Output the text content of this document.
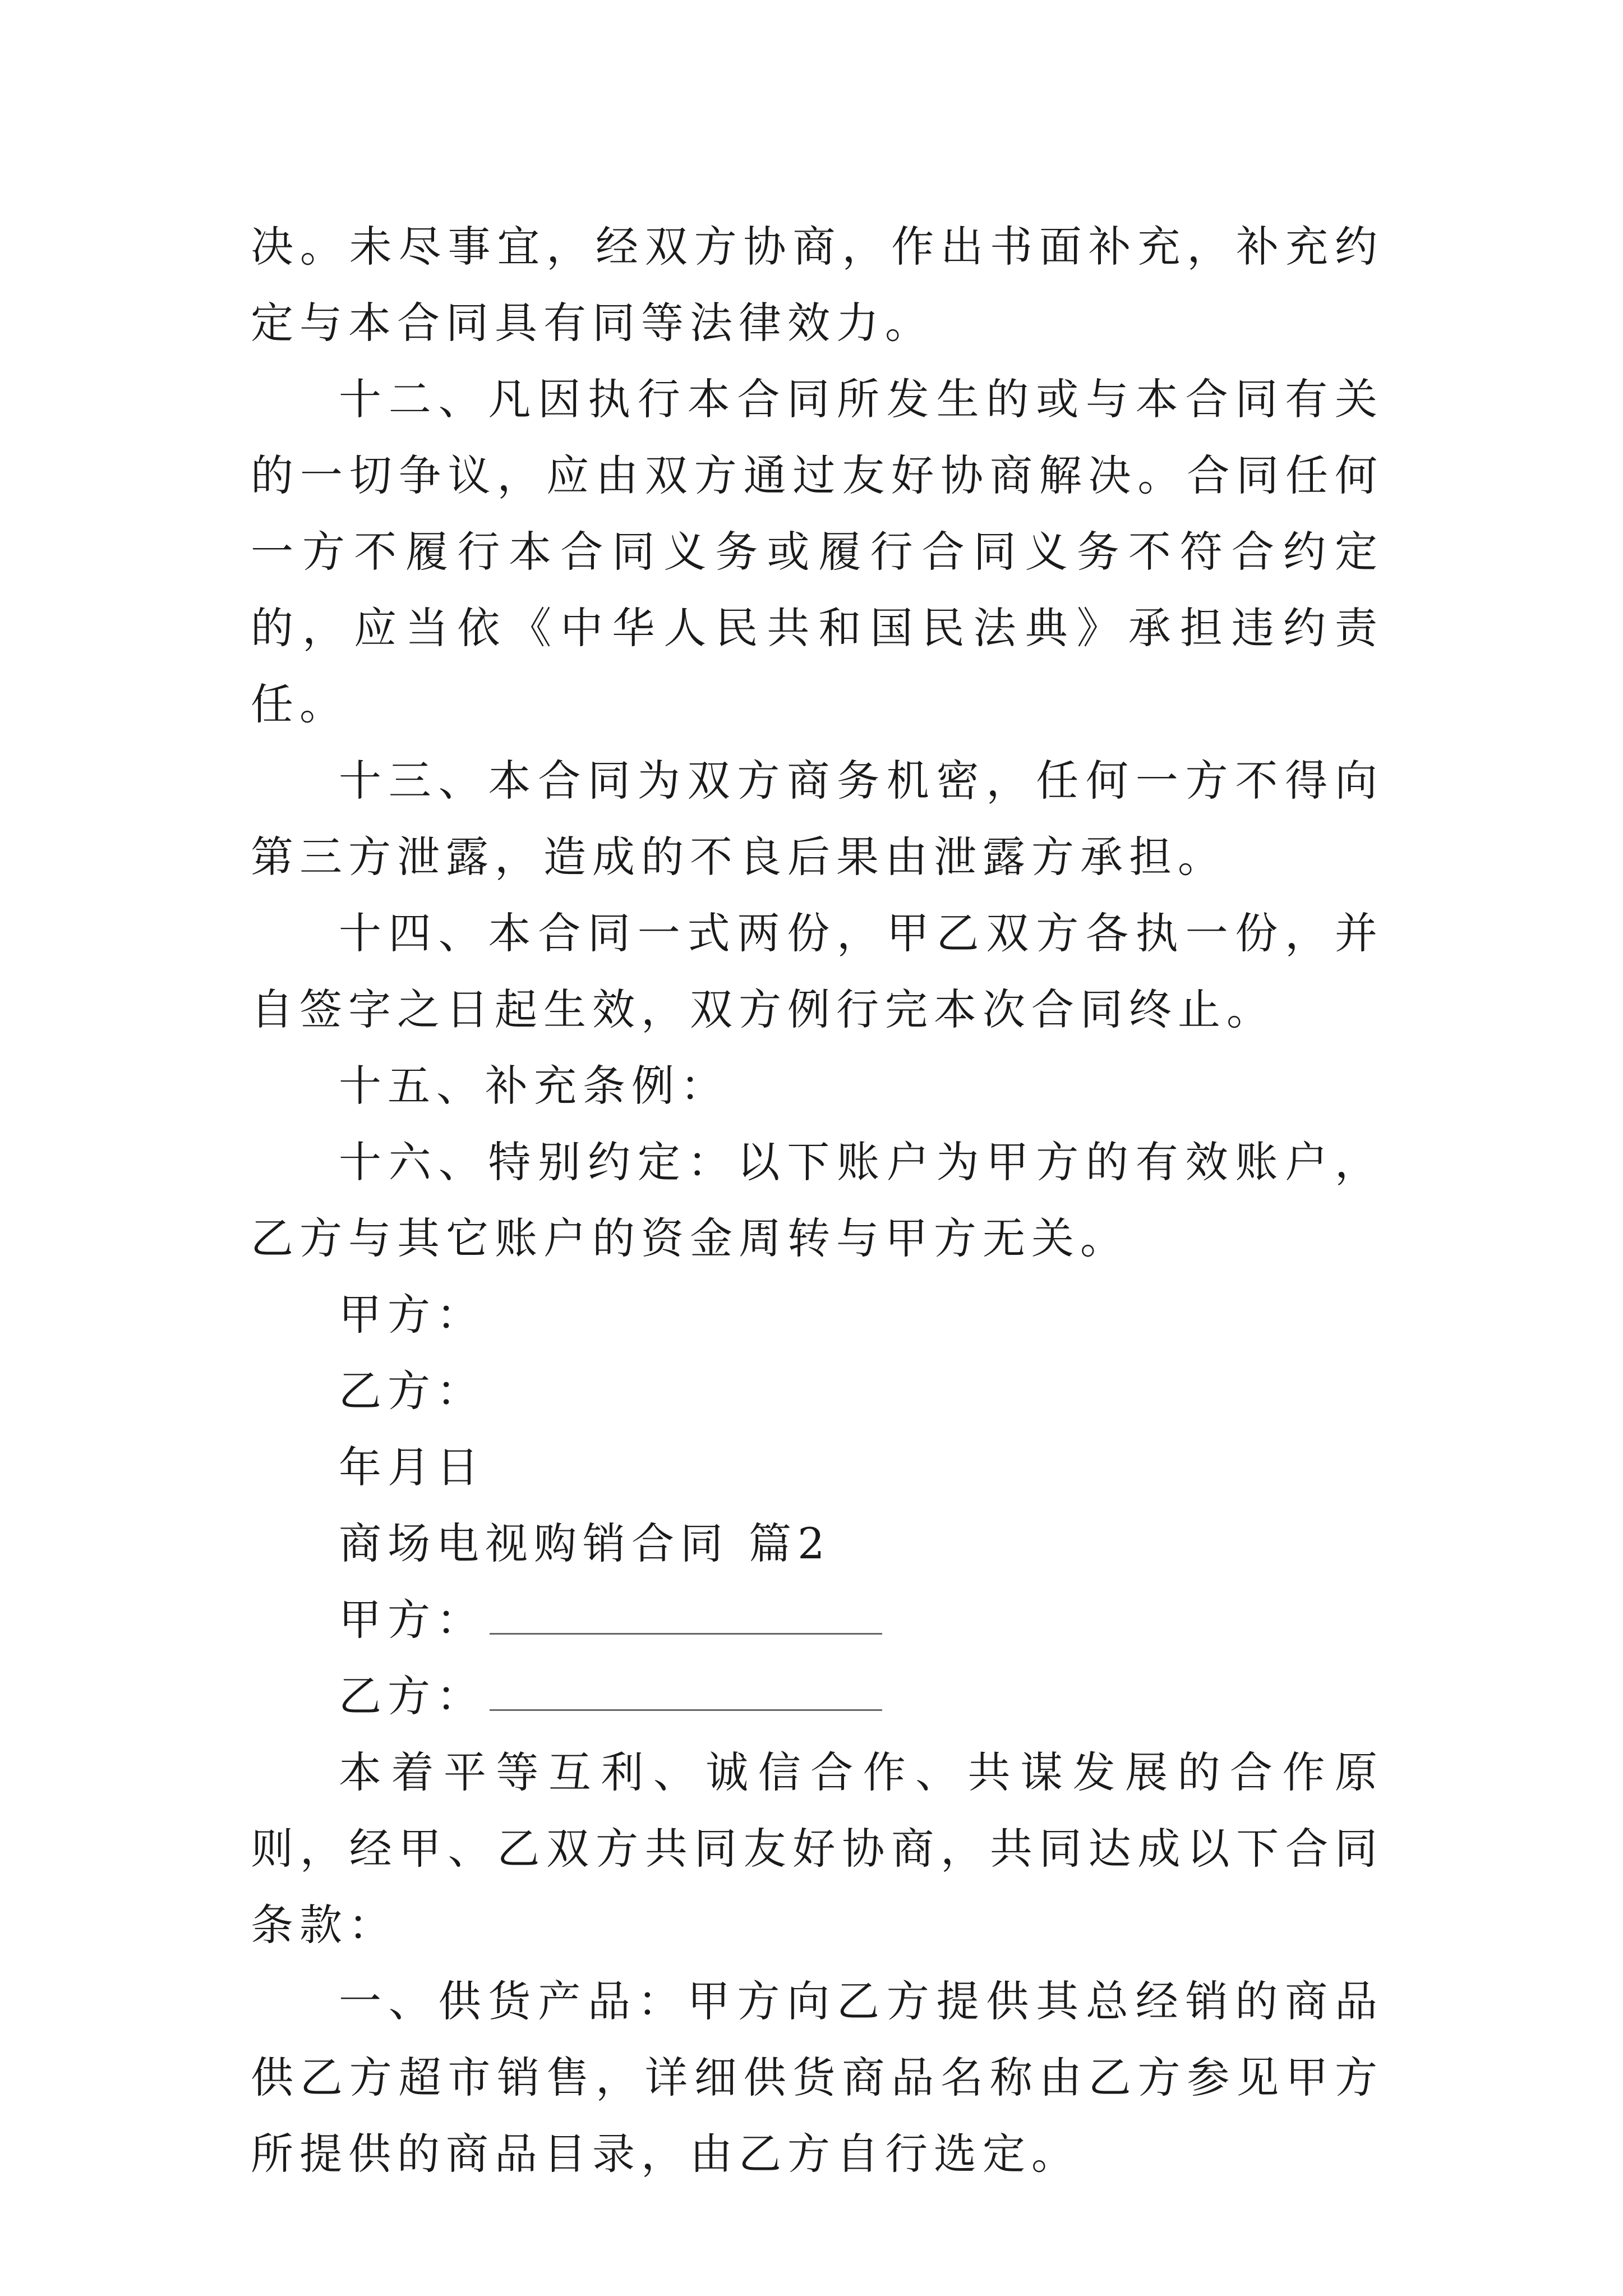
决。未尽事宜，经双方协商，作出书面补充，补充约定与本合同具有同等法律效力。

十二、凡因执行本合同所发生的或与本合同有关的一切争议，应由双方通过友好协商解决。合同任何一方不履行本合同义务或履行合同义务不符合约定的，应当依《中华人民共和国民法典》承担违约责任。

十三、本合同为双方商务机密，任何一方不得向第三方泄露，造成的不良后果由泄露方承担。

十四、本合同一式两份，甲乙双方各执一份，并自签字之日起生效，双方例行完本次合同终止。

十五、补充条例：

十六、特别约定：以下账户为甲方的有效账户，乙方与其它账户的资金周转与甲方无关。

甲方：

乙方：

年月日

商场电视购销合同 篇2

甲方：

乙方：

本着平等互利、诚信合作、共谋发展的合作原则，经甲、乙双方共同友好协商，共同达成以下合同条款：

一、供货产品：甲方向乙方提供其总经销的商品供乙方超市销售，详细供货商品名称由乙方参见甲方所提供的商品目录，由乙方自行选定。
